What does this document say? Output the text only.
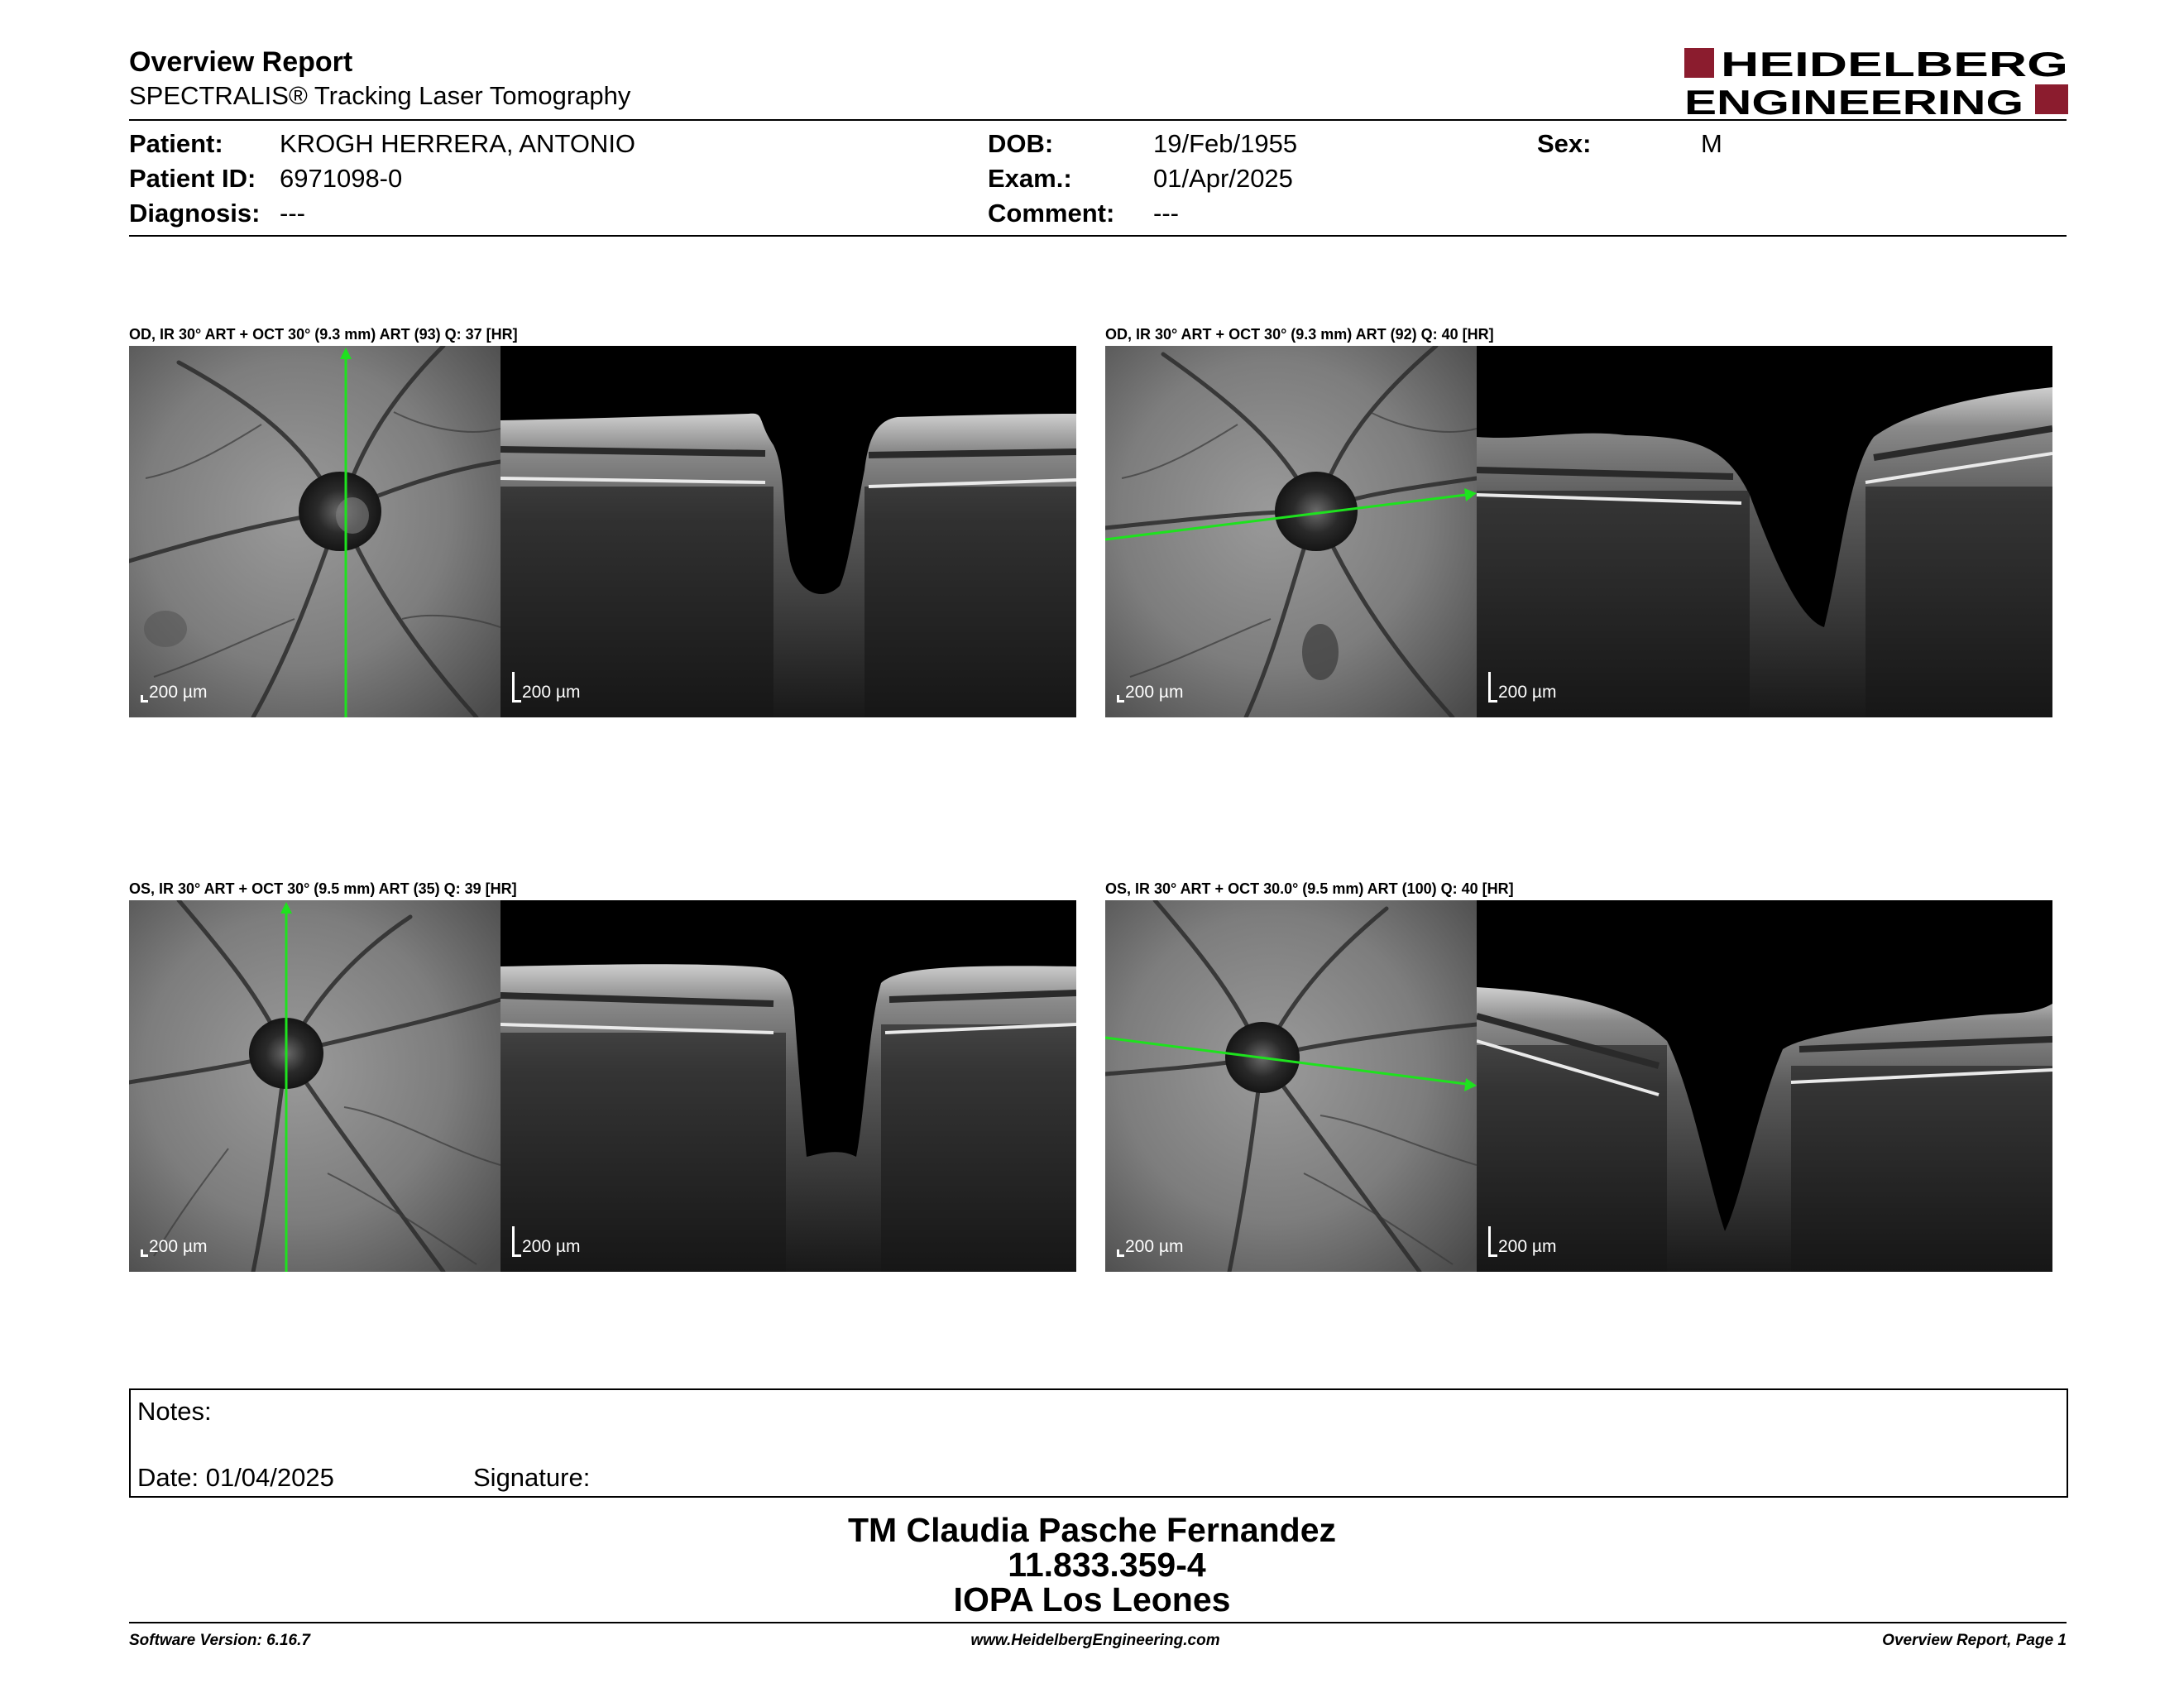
Overview Report
SPECTRALIS® Tracking Laser Tomography
HEIDELBERG
ENGINEERING
Patient: KROGH HERRERA, ANTONIO
Patient ID: 6971098-0
Diagnosis: ---
DOB:	19/Feb/1955
Exam.:	01/Apr/2025
Comment: ---
Sex:	M
OD, IR 30° ART + OCT 30° (9.3 mm) ART (93) Q: 37 [HR]
200 µm	200 µm
OD, IR 30° ART + OCT 30° (9.3 mm) ART (92) Q: 40 [HR]
200 µm	200 µm
OS, IR 30° ART + OCT 30° (9.5 mm) ART (35) Q: 39 [HR]
200 µm	200 µm
OS, IR 30° ART + OCT 30.0° (9.5 mm) ART (100) Q: 40 [HR]
200 µm	200 µm
Notes:
Date: 01/04/2025	Signature:
TM Claudia Pasche Fernandez
11.833.359-4
IOPA Los Leones
Software Version: 6.16.7	www.HeidelbergEngineering.com	Overview Report, Page 1
